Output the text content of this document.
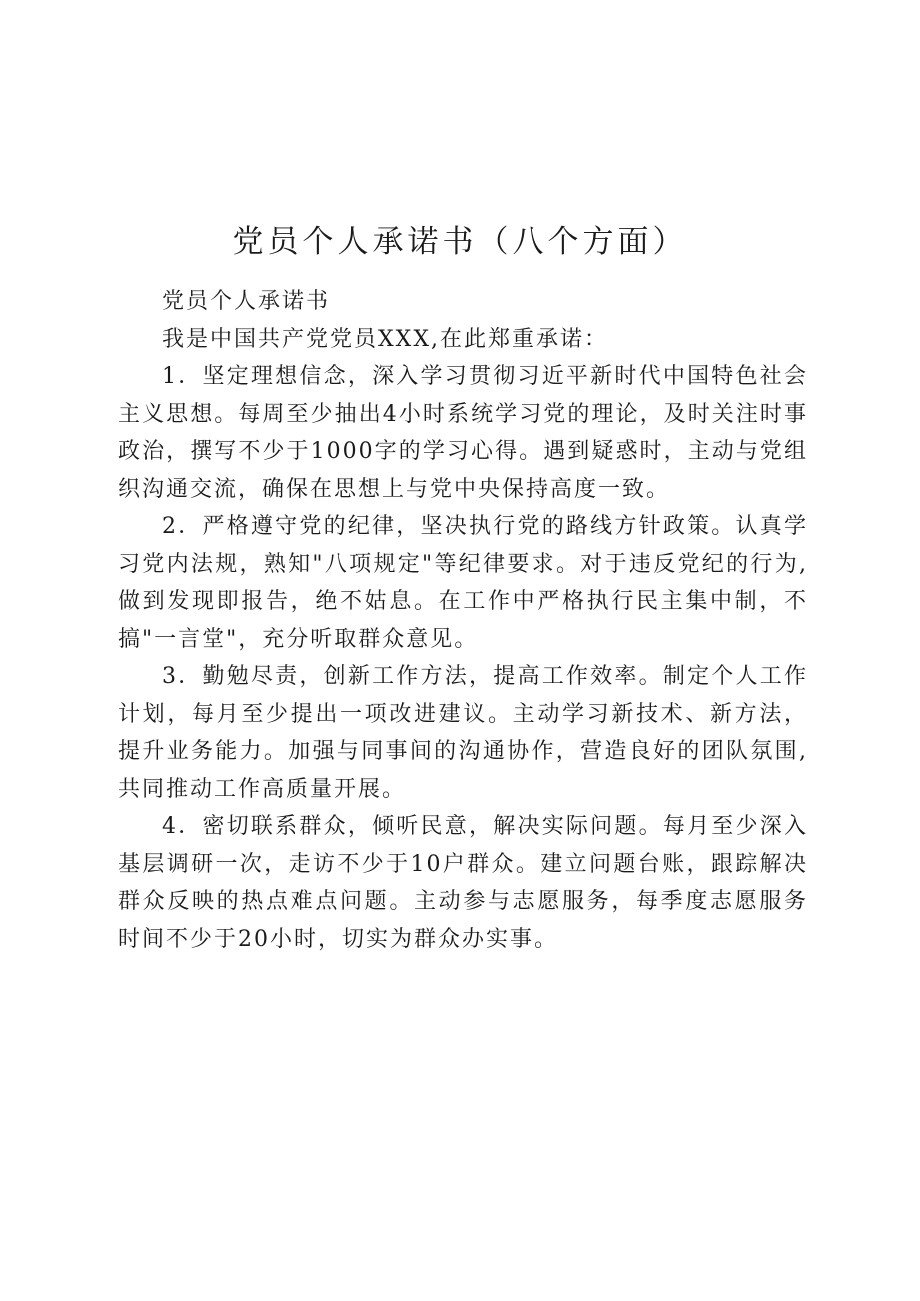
党员个人承诺书（八个方面）

党员个人承诺书

我是中国共产党党员XXX,在此郑重承诺：

1．坚定理想信念，深入学习贯彻习近平新时代中国特色社会主义思想。每周至少抽出4小时系统学习党的理论，及时关注时事政治，撰写不少于1000字的学习心得。遇到疑惑时，主动与党组织沟通交流，确保在思想上与党中央保持高度一致。

2．严格遵守党的纪律，坚决执行党的路线方针政策。认真学习党内法规，熟知"八项规定"等纪律要求。对于违反党纪的行为,做到发现即报告，绝不姑息。在工作中严格执行民主集中制，不搞"一言堂"，充分听取群众意见。

3．勤勉尽责，创新工作方法，提高工作效率。制定个人工作计划，每月至少提出一项改进建议。主动学习新技术、新方法，提升业务能力。加强与同事间的沟通协作，营造良好的团队氛围,共同推动工作高质量开展。

4．密切联系群众，倾听民意，解决实际问题。每月至少深入基层调研一次，走访不少于10户群众。建立问题台账，跟踪解决群众反映的热点难点问题。主动参与志愿服务，每季度志愿服务时间不少于20小时，切实为群众办实事。
